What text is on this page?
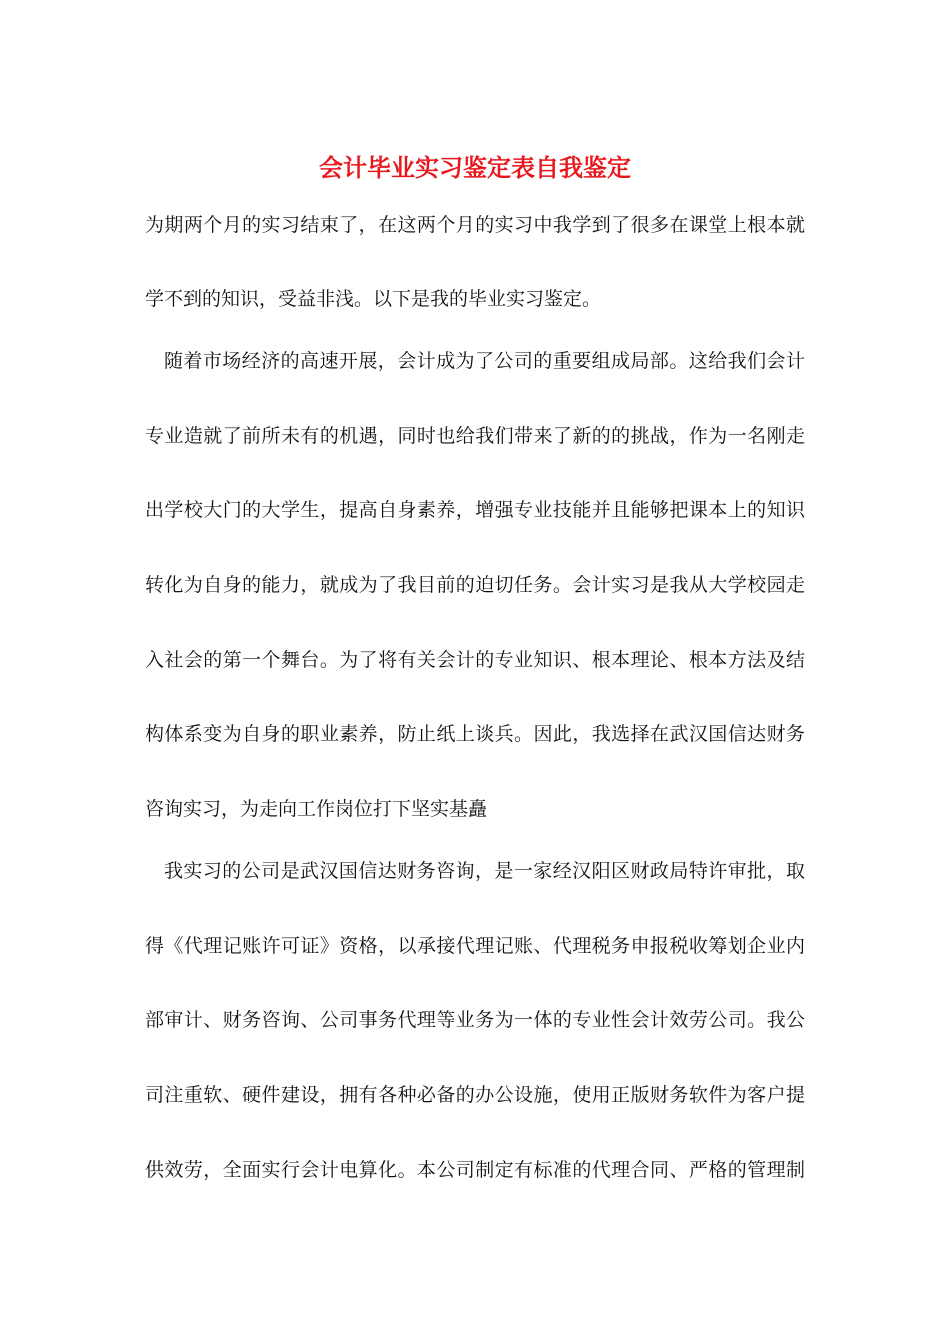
会计毕业实习鉴定表自我鉴定

为期两个月的实习结束了，在这两个月的实习中我学到了很多在课堂上根本就

学不到的知识，受益非浅。以下是我的毕业实习鉴定。

随着市场经济的高速开展，会计成为了公司的重要组成局部。这给我们会计

专业造就了前所未有的机遇，同时也给我们带来了新的的挑战，作为一名刚走

出学校大门的大学生，提高自身素养，增强专业技能并且能够把课本上的知识

转化为自身的能力，就成为了我目前的迫切任务。会计实习是我从大学校园走

入社会的第一个舞台。为了将有关会计的专业知识、根本理论、根本方法及结

构体系变为自身的职业素养，防止纸上谈兵。因此，我选择在武汉国信达财务

咨询实习，为走向工作岗位打下坚实基矗

我实习的公司是武汉国信达财务咨询，是一家经汉阳区财政局特许审批，取

得《代理记账许可证》资格，以承接代理记账、代理税务申报税收筹划企业内

部审计、财务咨询、公司事务代理等业务为一体的专业性会计效劳公司。我公

司注重软、硬件建设，拥有各种必备的办公设施，使用正版财务软件为客户提

供效劳，全面实行会计电算化。本公司制定有标准的代理合同、严格的管理制
